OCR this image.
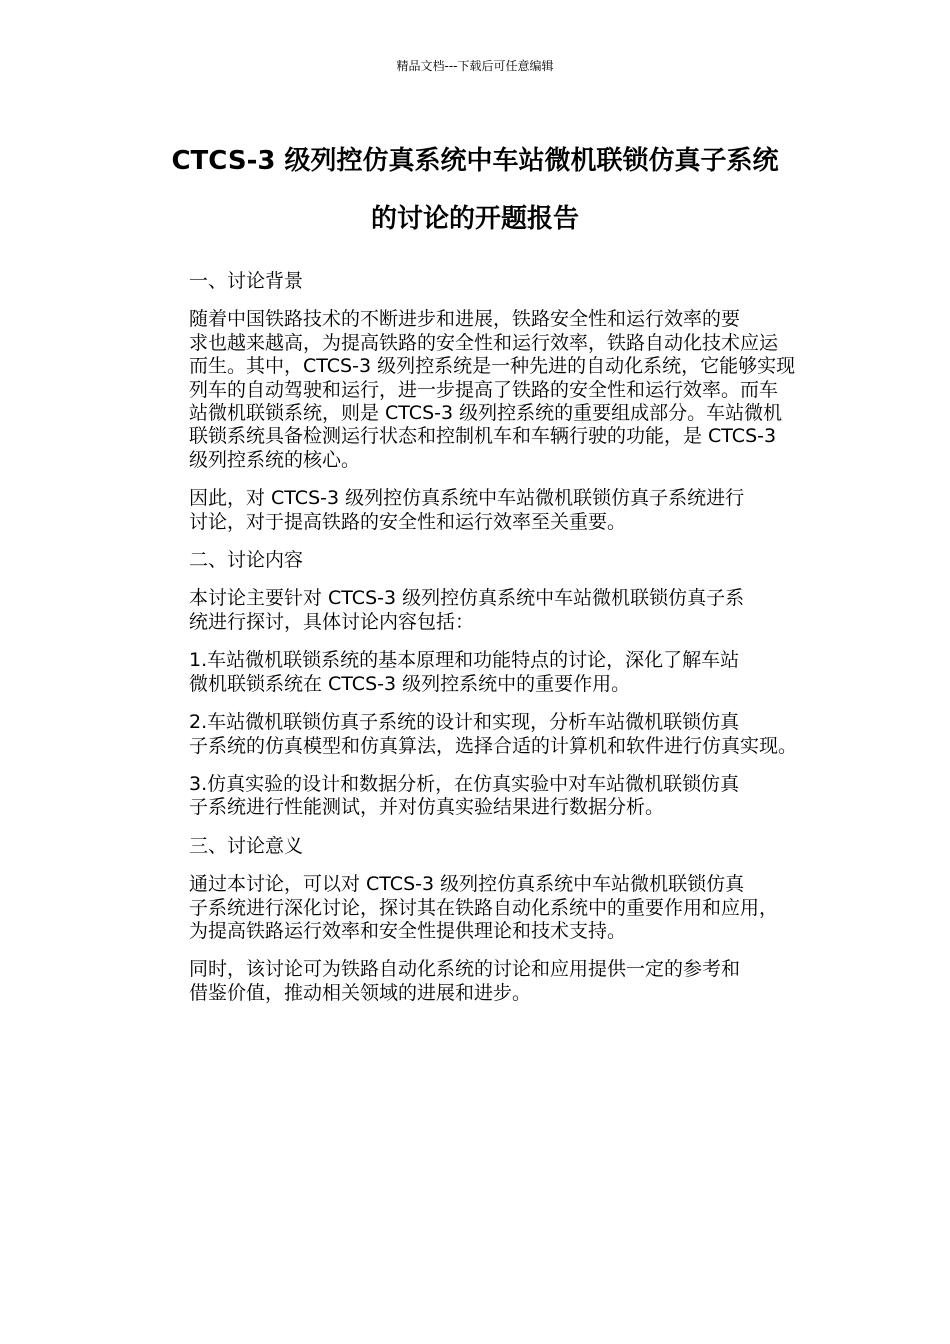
精品文档---下载后可任意编辑
CTCS-3 级列控仿真系统中车站微机联锁仿真子系统
的讨论的开题报告

一、讨论背景

随着中国铁路技术的不断进步和进展，铁路安全性和运行效率的要
求也越来越高，为提高铁路的安全性和运行效率，铁路自动化技术应运
而生。其中，CTCS-3 级列控系统是一种先进的自动化系统，它能够实现
列车的自动驾驶和运行，进一步提高了铁路的安全性和运行效率。而车
站微机联锁系统，则是 CTCS-3 级列控系统的重要组成部分。车站微机
联锁系统具备检测运行状态和控制机车和车辆行驶的功能，是 CTCS-3
级列控系统的核心。

因此，对 CTCS-3 级列控仿真系统中车站微机联锁仿真子系统进行
讨论，对于提高铁路的安全性和运行效率至关重要。

二、讨论内容

本讨论主要针对 CTCS-3 级列控仿真系统中车站微机联锁仿真子系
统进行探讨，具体讨论内容包括：

1.车站微机联锁系统的基本原理和功能特点的讨论，深化了解车站
微机联锁系统在 CTCS-3 级列控系统中的重要作用。

2.车站微机联锁仿真子系统的设计和实现，分析车站微机联锁仿真
子系统的仿真模型和仿真算法，选择合适的计算机和软件进行仿真实现。

3.仿真实验的设计和数据分析，在仿真实验中对车站微机联锁仿真
子系统进行性能测试，并对仿真实验结果进行数据分析。

三、讨论意义

通过本讨论，可以对 CTCS-3 级列控仿真系统中车站微机联锁仿真
子系统进行深化讨论，探讨其在铁路自动化系统中的重要作用和应用，
为提高铁路运行效率和安全性提供理论和技术支持。

同时，该讨论可为铁路自动化系统的讨论和应用提供一定的参考和
借鉴价值，推动相关领域的进展和进步。
